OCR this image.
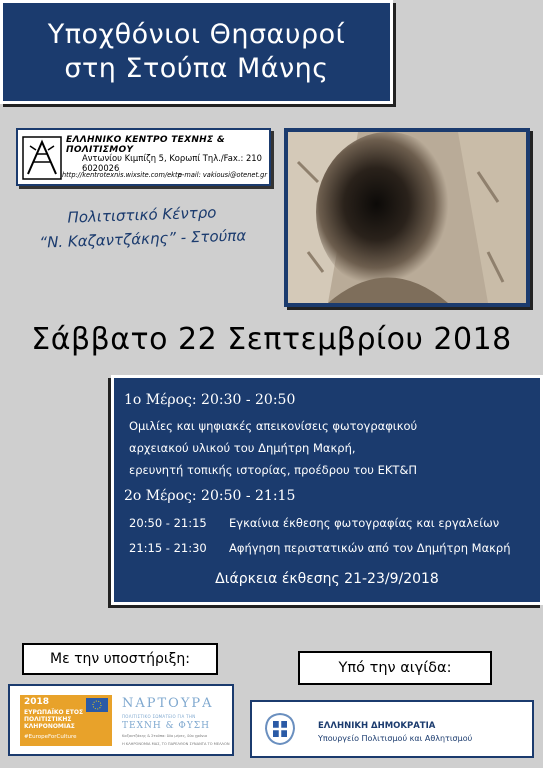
Υποχθόνιοι Θησαυροί
στη Στούπα Μάνης
ΕΛΛΗΝΙΚΟ ΚΕΝΤΡΟ ΤΕΧΝΗΣ & ΠΟΛΙΤΙΣΜΟΥ
Αντωνίου Κιμπίζη 5, Κορωπί Τηλ./Fax.: 210 6020026
http://kentrotexnis.wixsite.com/ektp
e-mail: vakiousi@otenet.gr
Πολιτιστικό Κέντρο
“Ν. Καζαντζάκης” - Στούπα
Σάββατο 22 Σεπτεμβρίου 2018
1ο Μέρος: 20:30 - 20:50
Ομιλίες και ψηφιακές απεικονίσεις φωτογραφικού
αρχειακού υλικού του Δημήτρη Μακρή,
ερευνητή τοπικής ιστορίας, προέδρου του ΕΚΤ&Π
2ο Μέρος: 20:50 - 21:15
20:50 - 21:15 Εγκαίνια έκθεσης φωτογραφίας και εργαλείων
21:15 - 21:30 Αφήγηση περιστατικών από τον Δημήτρη Μακρή
Διάρκεια έκθεσης 21-23/9/2018
Με την υποστήριξη:
2018
ΕΥΡΩΠΑΪΚΟ ΕΤΟΣ
ΠΟΛΙΤΙΣΤΙΚΗΣ
ΚΛΗΡΟΝΟΜΙΑΣ
#EuropeForCulture
ΝΑΡΤΟΥΡΑ
ΠΟΛΙΤΙΣΤΙΚΟ ΣΩΜΑΤΕΙΟ ΓΙΑ ΤΗΝ
ΤΕΧΝΗ & ΦΥΣΗ
Καζαντζάκης & Στούπα: δύο μήνες, δύο χρόνια
Η ΚΛΗΡΟΝΟΜΙΑ ΜΑΣ, ΤΟ ΠΑΡΕΛΘΟΝ ΣΥΝΑΝΤΑ ΤΟ ΜΕΛΛΟΝ
Υπό την αιγίδα:
ΕΛΛΗΝΙΚΗ ΔΗΜΟΚΡΑΤΙΑ
Υπουργείο Πολιτισμού και Αθλητισμού
